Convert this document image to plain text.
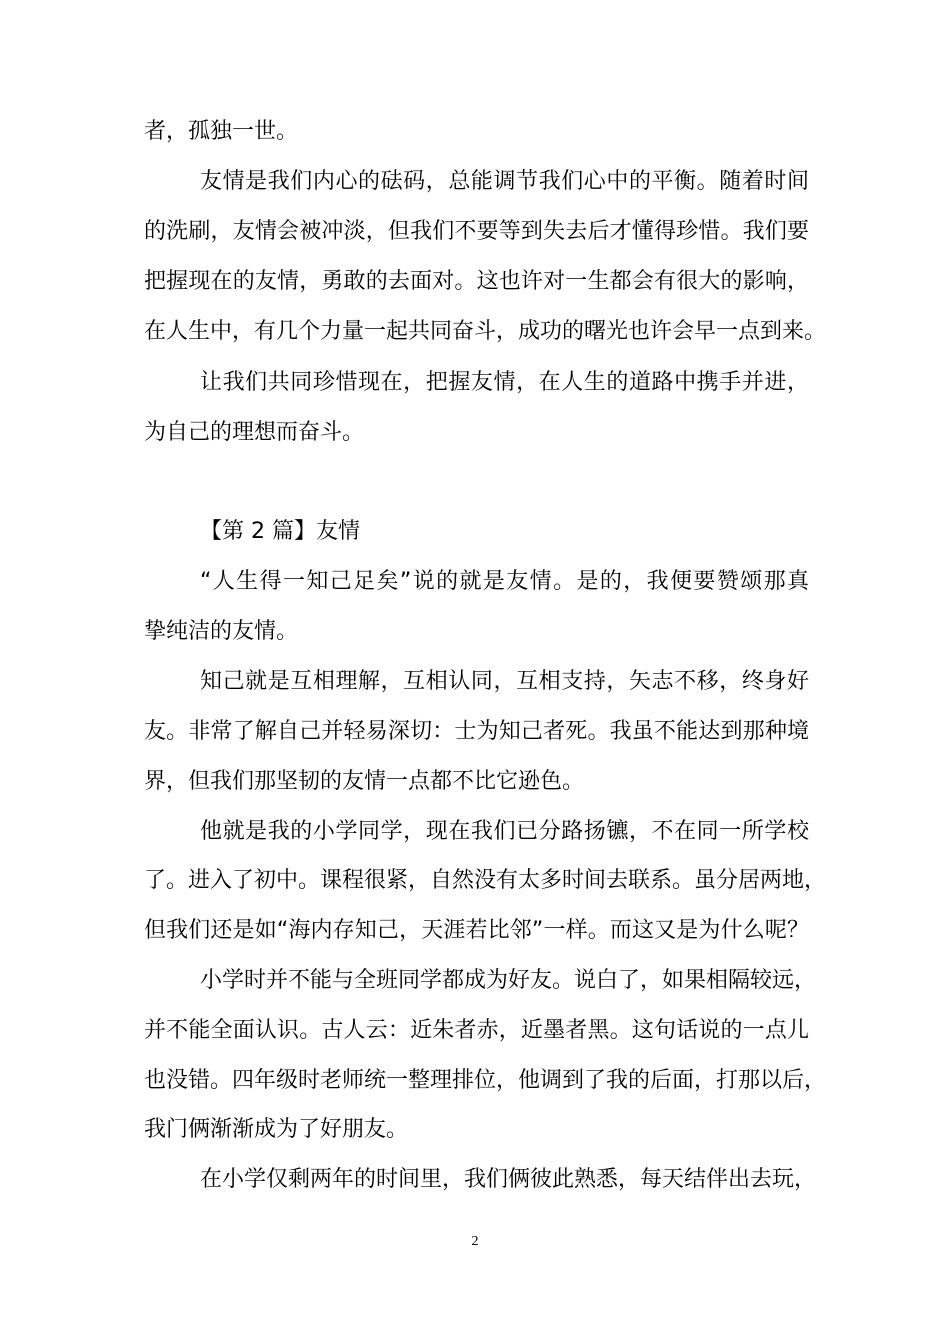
者，孤独一世。
友情是我们内心的砝码，总能调节我们心中的平衡。随着时间
的洗刷，友情会被冲淡，但我们不要等到失去后才懂得珍惜。我们要
把握现在的友情，勇敢的去面对。这也许对一生都会有很大的影响，
在人生中，有几个力量一起共同奋斗，成功的曙光也许会早一点到来。
让我们共同珍惜现在，把握友情，在人生的道路中携手并进，
为自己的理想而奋斗。
【第 2 篇】友情
“人生得一知己足矣”说的就是友情。是的，我便要赞颂那真
挚纯洁的友情。
知己就是互相理解，互相认同，互相支持，矢志不移，终身好
友。非常了解自己并轻易深切：士为知己者死。我虽不能达到那种境
界，但我们那坚韧的友情一点都不比它逊色。
他就是我的小学同学，现在我们已分路扬镳，不在同一所学校
了。进入了初中。课程很紧，自然没有太多时间去联系。虽分居两地，
但我们还是如“海内存知己，天涯若比邻”一样。而这又是为什么呢？
小学时并不能与全班同学都成为好友。说白了，如果相隔较远，
并不能全面认识。古人云：近朱者赤，近墨者黑。这句话说的一点儿
也没错。四年级时老师统一整理排位，他调到了我的后面，打那以后，
我门俩渐渐成为了好朋友。
在小学仅剩两年的时间里，我们俩彼此熟悉，每天结伴出去玩，
2
